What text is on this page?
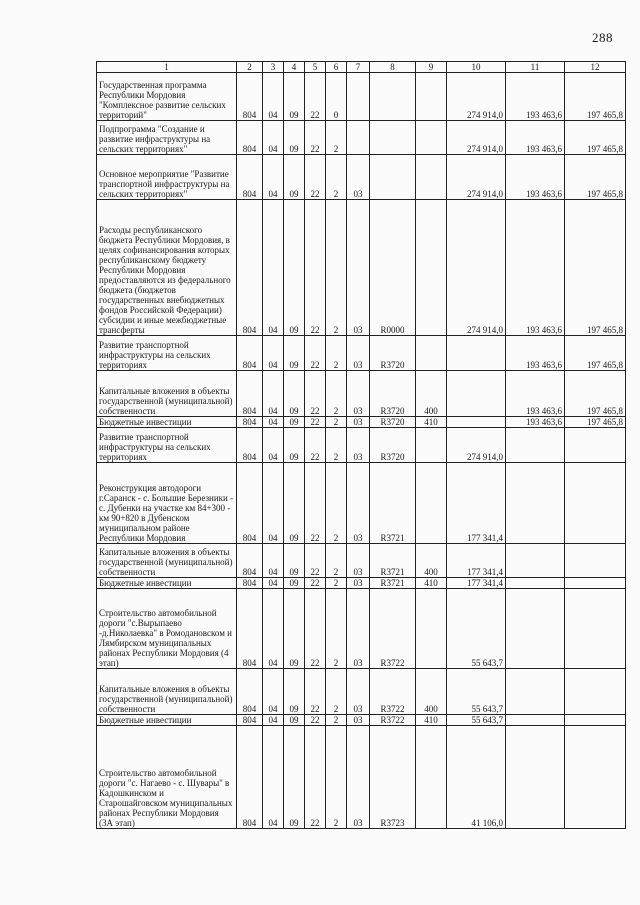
288
1	2	3	4	5	6	7	8	9	10	11	12
Государственная программа Республики Мордовия "Комплексное развитие сельских территорий"	804	04	09	22	0				274 914,0	193 463,6	197 465,8
Подпрограмма "Создание и развитие инфраструктуры на сельских территориях"	804	04	09	22	2				274 914,0	193 463,6	197 465,8
Основное мероприятие "Развитие транспортной инфраструктуры на сельских территориях"	804	04	09	22	2	03			274 914,0	193 463,6	197 465,8
Расходы республиканского бюджета Республики Мордовия, в целях софинансирования которых республиканскому бюджету Республики Мордовия предоставляются из федерального бюджета (бюджетов государственных внебюджетных фондов Российской Федерации) субсидии и иные межбюджетные трансферты	804	04	09	22	2	03	R0000		274 914,0	193 463,6	197 465,8
Развитие транспортной инфраструктуры на сельских территориях	804	04	09	22	2	03	R3720			193 463,6	197 465,8
Капитальные вложения в объекты государственной (муниципальной) собственности	804	04	09	22	2	03	R3720	400		193 463,6	197 465,8
Бюджетные инвестиции	804	04	09	22	2	03	R3720	410		193 463,6	197 465,8
Развитие транспортной инфраструктуры на сельских территориях	804	04	09	22	2	03	R3720		274 914,0		
Реконструкция автодороги г.Саранск - с. Большие Березники - с. Дубенки на участке км 84+300 - км 90+820 в Дубенском муниципальном районе Республики Мордовия	804	04	09	22	2	03	R3721		177 341,4		
Капитальные вложения в объекты государственной (муниципальной) собственности	804	04	09	22	2	03	R3721	400	177 341,4		
Бюджетные инвестиции	804	04	09	22	2	03	R3721	410	177 341,4		
Строительство автомобильной дороги "с.Вырыпаево -д.Николаевка" в Ромодановском и Лямбирском муниципальных районах Республики Мордовия (4 этап)	804	04	09	22	2	03	R3722		55 643,7		
Капитальные вложения в объекты государственной (муниципальной) собственности	804	04	09	22	2	03	R3722	400	55 643,7		
Бюджетные инвестиции	804	04	09	22	2	03	R3722	410	55 643,7		
Строительство автомобильной дороги "с. Нагаево - с. Шувары" в Кадошкинском и Старошайговском муниципальных районах Республики Мордовия (3А этап)	804	04	09	22	2	03	R3723		41 106,0		
